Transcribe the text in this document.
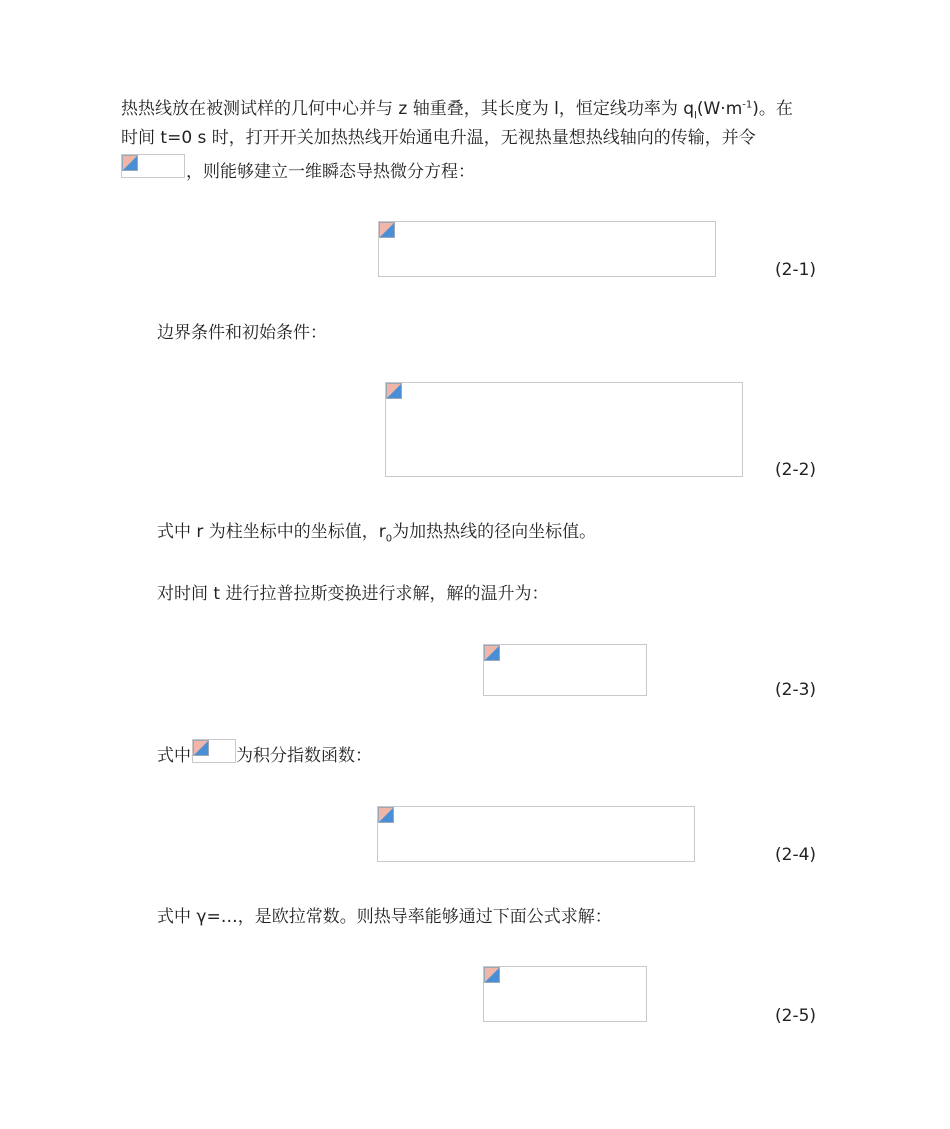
热热线放在被测试样的几何中心并与 z 轴重叠，其长度为 l，恒定线功率为 $q_l(W\cdot m^{-1})$。在
时间 t=0 s 时，打开开关加热热线开始通电升温，无视热量想热线轴向的传输，并令
，则能够建立一维瞬态导热微分方程：
(2-1)
边界条件和初始条件：
(2-2)
式中 r 为柱坐标中的坐标值，$r_0$为加热热线的径向坐标值。
对时间 t 进行拉普拉斯变换进行求解，解的温升为：
(2-3)
式中	为积分指数函数：
(2-4)
式中 γ=…，是欧拉常数。则热导率能够通过下面公式求解：
(2-5)
